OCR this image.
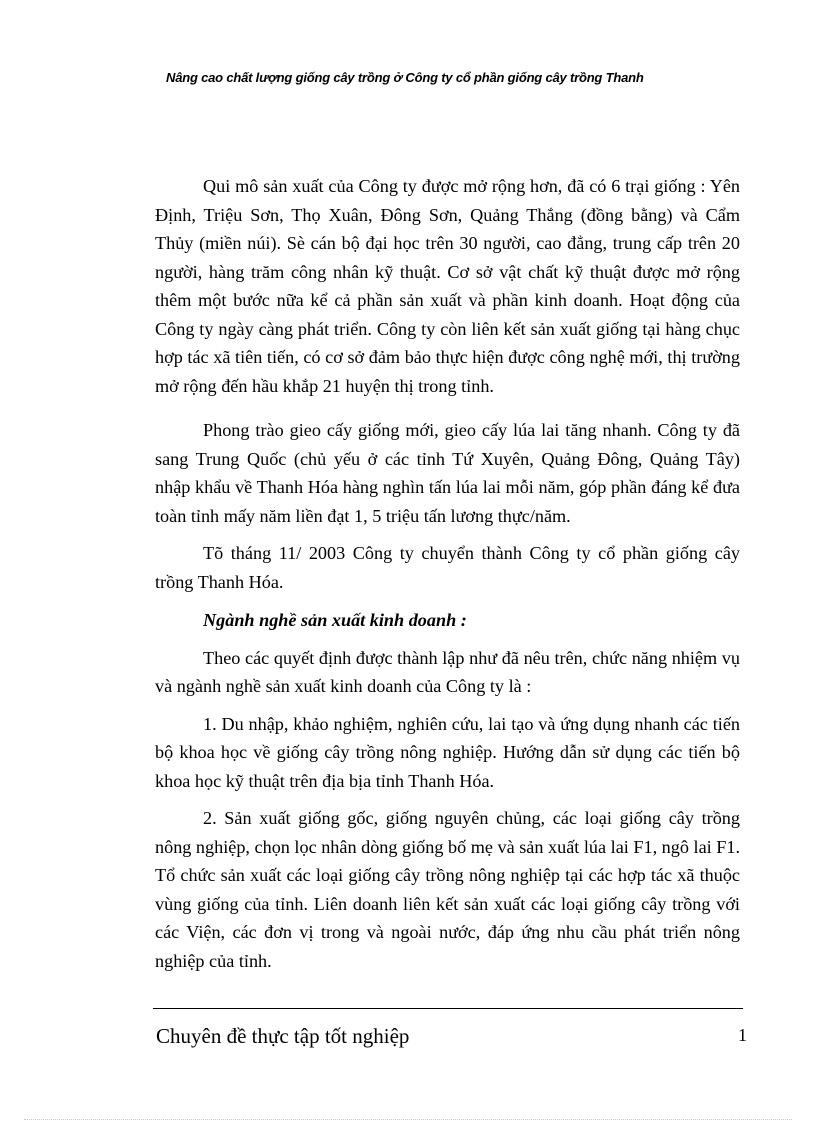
Nâng cao chất lượng giống cây trồng ở Công ty cổ phần giống cây trồng Thanh

Qui mô sản xuất của Công ty được mở rộng hơn, đã có 6 trại giống : Yên Định, Triệu Sơn, Thọ Xuân, Đông Sơn, Quảng Thắng (đồng bằng) và Cẩm Thủy (miền núi). Sè cán bộ đại học trên 30 người, cao đẳng, trung cấp trên 20 người, hàng trăm công nhân kỹ thuật. Cơ sở vật chất kỹ thuật được mở rộng thêm một bước nữa kể cả phần sản xuất và phần kinh doanh. Hoạt động của Công ty ngày càng phát triển. Công ty còn liên kết sản xuất giống tại hàng chục hợp tác xã tiên tiến, có cơ sở đảm bảo thực hiện được công nghệ mới, thị trường mở rộng đến hầu khắp 21 huyện thị trong tỉnh.

Phong trào gieo cấy giống mới, gieo cấy lúa lai tăng nhanh. Công ty đã sang Trung Quốc (chủ yếu ở các tỉnh Tứ Xuyên, Quảng Đông, Quảng Tây) nhập khẩu về Thanh Hóa hàng nghìn tấn lúa lai mỗi năm, góp phần đáng kể đưa toàn tỉnh mấy năm liền đạt 1, 5 triệu tấn lương thực/năm.

Tõ tháng 11/ 2003 Công ty chuyển thành Công ty cổ phần giống cây trồng Thanh Hóa.

Ngành nghề sản xuất kinh doanh :

Theo các quyết định được thành lập như đã nêu trên, chức năng nhiệm vụ và ngành nghề sản xuất kinh doanh của Công ty là :

1. Du nhập, khảo nghiệm, nghiên cứu, lai tạo và ứng dụng nhanh các tiến bộ khoa học về giống cây trồng nông nghiệp. Hướng dẫn sử dụng các tiến bộ khoa học kỹ thuật trên địa bịa tỉnh Thanh Hóa.

2. Sản xuất giống gốc, giống nguyên chủng, các loại giống cây trồng nông nghiệp, chọn lọc nhân dòng giống bố mẹ và sản xuất lúa lai F1, ngô lai F1. Tổ chức sản xuất các loại giống cây trồng nông nghiệp tại các hợp tác xã thuộc vùng giống của tỉnh. Liên doanh liên kết sản xuất các loại giống cây trồng với các Viện, các đơn vị trong và ngoài nước, đáp ứng nhu cầu phát triển nông nghiệp của tỉnh.

Chuyên đề thực tập tốt nghiệp	1
